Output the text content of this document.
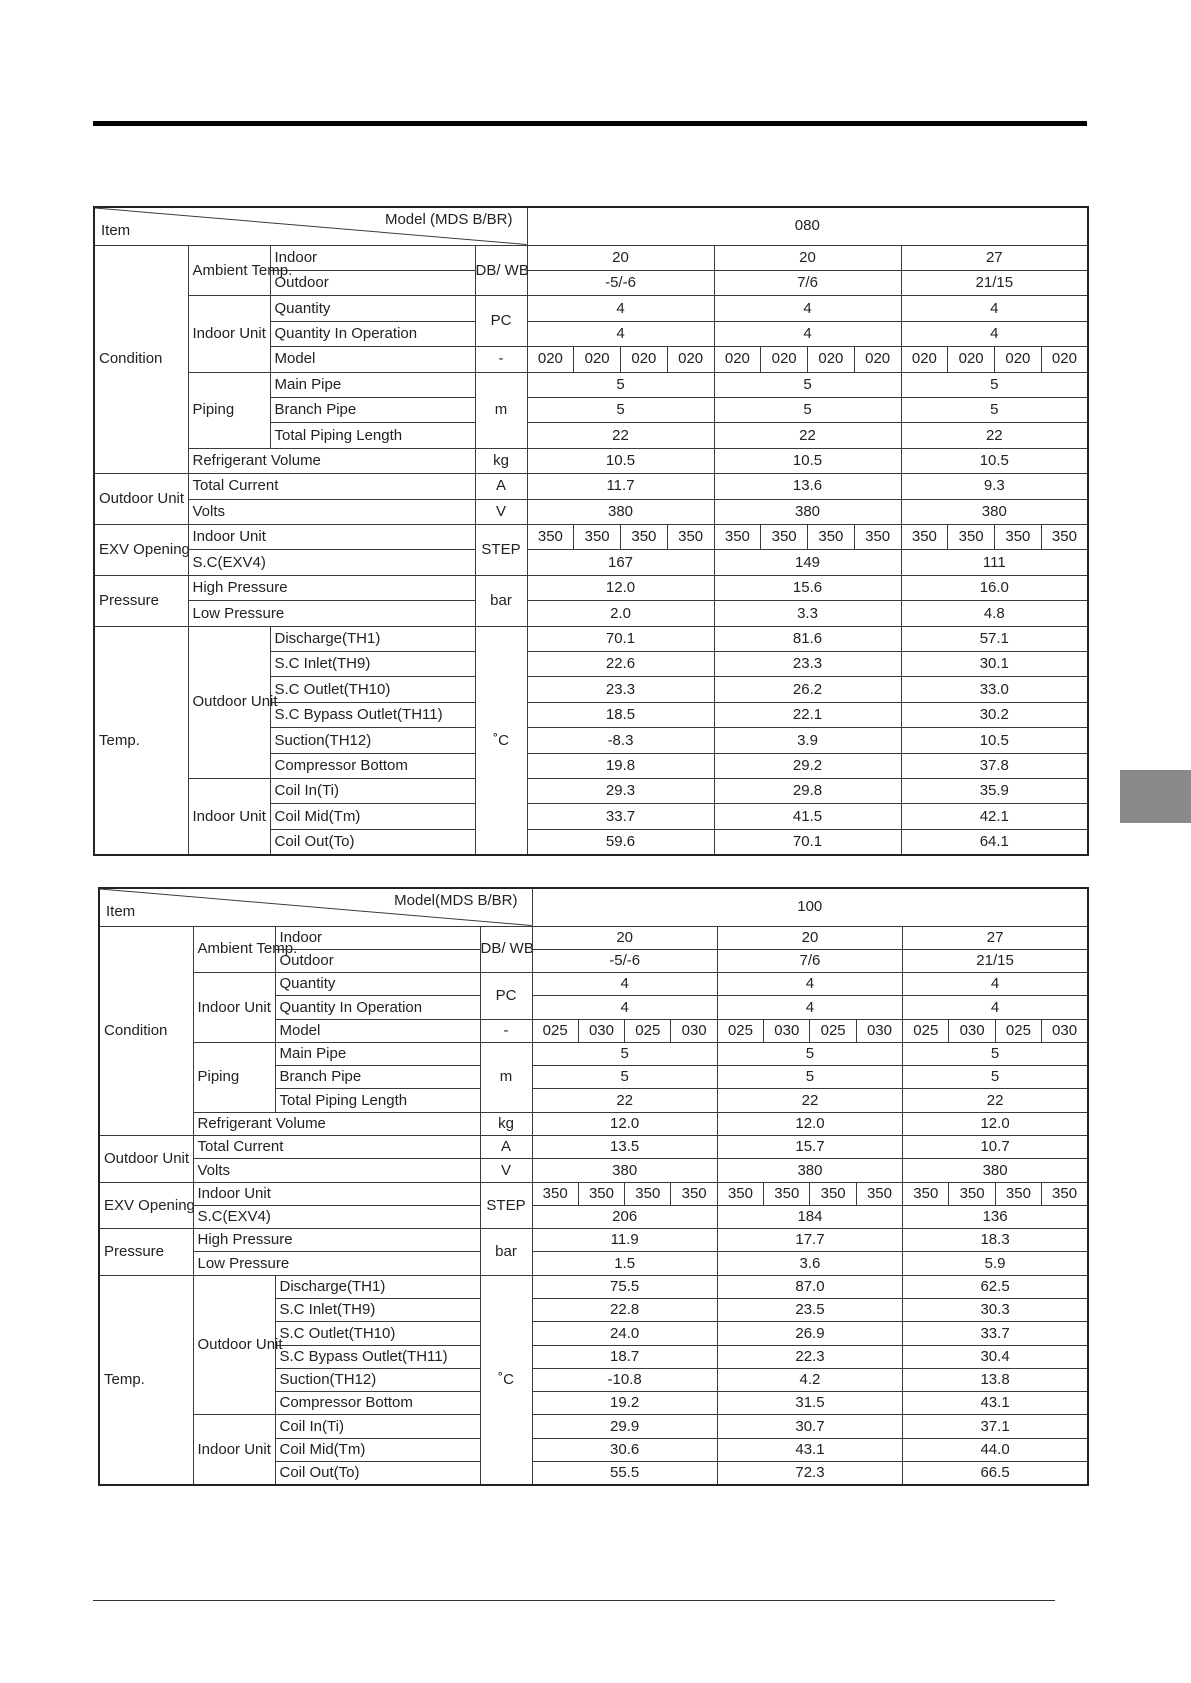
Item
Model (MDS B/BR)				080											
Condition	Ambient Temp.	Indoor	DB/ WB	20				20				27			
		Outdoor		-5/-6				7/6				21/15			
	Indoor Unit	Quantity	PC	4				4				4			
		Quantity In Operation		4				4				4			
		Model	-	020	020	020	020	020	020	020	020	020	020	020	020
	Piping	Main Pipe	m	5				5				5			
		Branch Pipe		5				5				5			
		Total Piping Length		22				22				22			
	Refrigerant Volume		kg	10.5				10.5				10.5			
Outdoor Unit	Total Current		A	11.7				13.6				9.3			
	Volts		V	380				380				380			
EXV Opening	Indoor Unit		STEP	350	350	350	350	350	350	350	350	350	350	350	350
	S.C(EXV4)			167				149				111			
Pressure	High Pressure		bar	12.0				15.6				16.0			
	Low Pressure			2.0				3.3				4.8			
Temp.	Outdoor Unit	Discharge(TH1)	˚C	70.1				81.6				57.1			
		S.C Inlet(TH9)		22.6				23.3				30.1			
		S.C Outlet(TH10)		23.3				26.2				33.0			
		S.C Bypass Outlet(TH11)		18.5				22.1				30.2			
		Suction(TH12)		-8.3				3.9				10.5			
		Compressor Bottom		19.8				29.2				37.8			
	Indoor Unit	Coil In(Ti)		29.3				29.8				35.9			
		Coil Mid(Tm)		33.7				41.5				42.1			
		Coil Out(To)		59.6				70.1				64.1			
Item
Model(MDS B/BR)				100											
Condition	Ambient Temp.	Indoor	DB/ WB	20				20				27			
		Outdoor		-5/-6				7/6				21/15			
	Indoor Unit	Quantity	PC	4				4				4			
		Quantity In Operation		4				4				4			
		Model	-	025	030	025	030	025	030	025	030	025	030	025	030
	Piping	Main Pipe	m	5				5				5			
		Branch Pipe		5				5				5			
		Total Piping Length		22				22				22			
	Refrigerant Volume		kg	12.0				12.0				12.0			
Outdoor Unit	Total Current		A	13.5				15.7				10.7			
	Volts		V	380				380				380			
EXV Opening	Indoor Unit		STEP	350	350	350	350	350	350	350	350	350	350	350	350
	S.C(EXV4)			206				184				136			
Pressure	High Pressure		bar	11.9				17.7				18.3			
	Low Pressure			1.5				3.6				5.9			
Temp.	Outdoor Unit	Discharge(TH1)	˚C	75.5				87.0				62.5			
		S.C Inlet(TH9)		22.8				23.5				30.3			
		S.C Outlet(TH10)		24.0				26.9				33.7			
		S.C Bypass Outlet(TH11)		18.7				22.3				30.4			
		Suction(TH12)		-10.8				4.2				13.8			
		Compressor Bottom		19.2				31.5				43.1			
	Indoor Unit	Coil In(Ti)		29.9				30.7				37.1			
		Coil Mid(Tm)		30.6				43.1				44.0			
		Coil Out(To)		55.5				72.3				66.5			
